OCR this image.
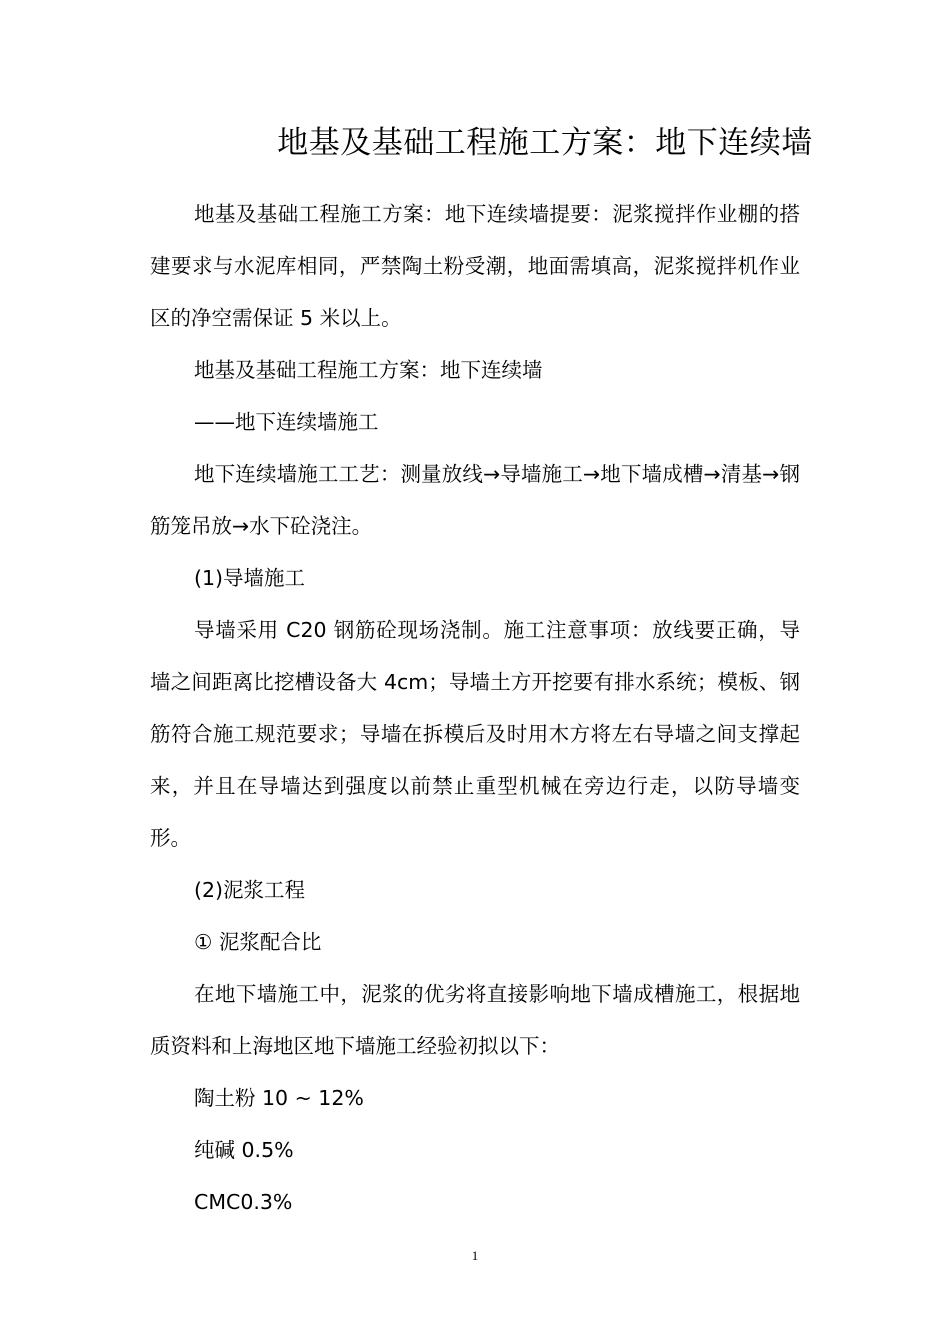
地基及基础工程施工方案：地下连续墙

地基及基础工程施工方案：地下连续墙提要：泥浆搅拌作业棚的搭建要求与水泥库相同，严禁陶土粉受潮，地面需填高，泥浆搅拌机作业区的净空需保证 5 米以上。

地基及基础工程施工方案：地下连续墙

——地下连续墙施工

地下连续墙施工工艺：测量放线→导墙施工→地下墙成槽→清基→钢筋笼吊放→水下砼浇注。

(1)导墙施工

导墙采用 C20 钢筋砼现场浇制。施工注意事项：放线要正确，导墙之间距离比挖槽设备大 4cm；导墙土方开挖要有排水系统；模板、钢筋符合施工规范要求；导墙在拆模后及时用木方将左右导墙之间支撑起来，并且在导墙达到强度以前禁止重型机械在旁边行走，以防导墙变形。

(2)泥浆工程

① 泥浆配合比

在地下墙施工中，泥浆的优劣将直接影响地下墙成槽施工，根据地质资料和上海地区地下墙施工经验初拟以下：

陶土粉 10 ~ 12%

纯碱 0.5%

CMC0.3%

1
